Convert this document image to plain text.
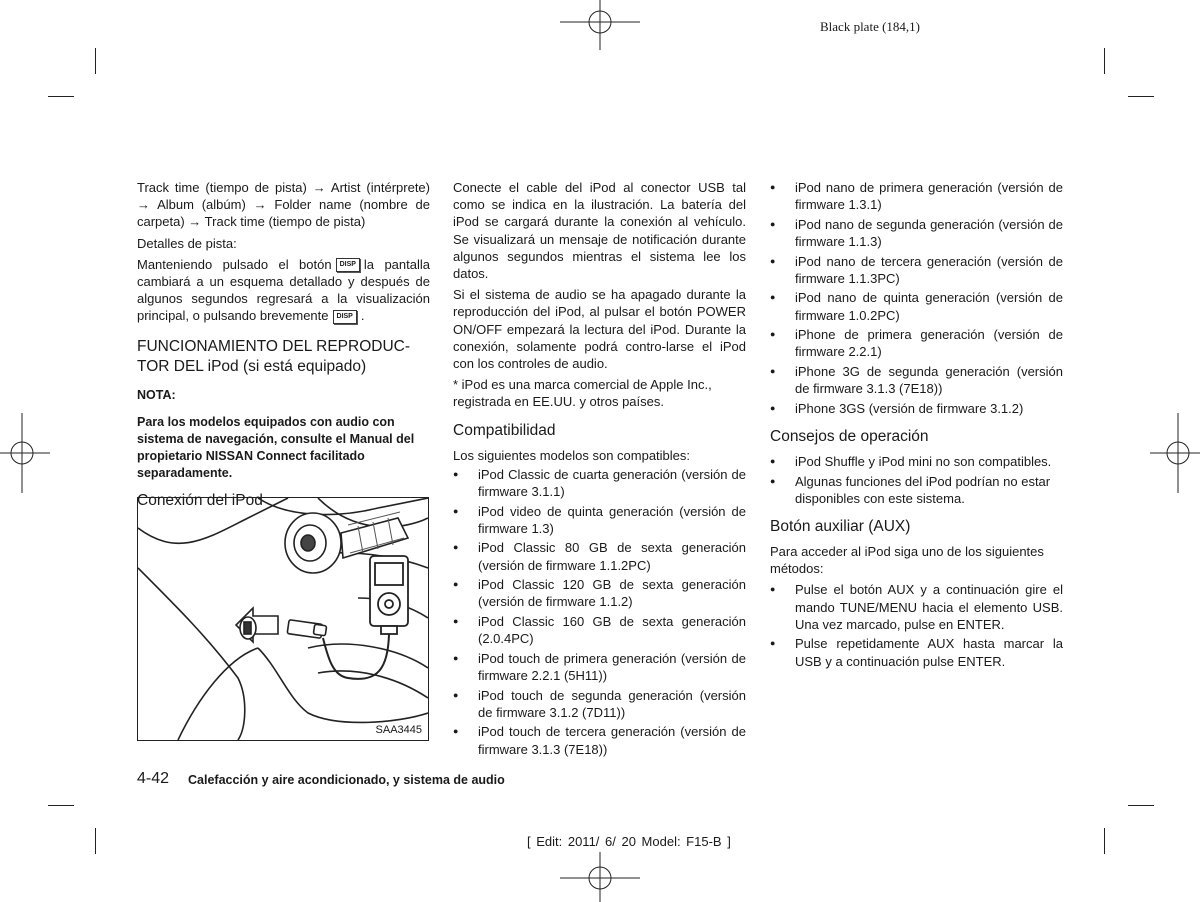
Black plate (184,1)

Track time (tiempo de pista) → Artist (intérprete) → Album (albúm) → Folder name (nombre de carpeta) → Track time (tiempo de pista)

Detalles de pista:

Manteniendo pulsado el botón DISP la pantalla cambiará a un esquema detallado y después de algunos segundos regresará a la visualización principal, o pulsando brevemente DISP .

FUNCIONAMIENTO DEL REPRODUC-TOR DEL iPod (si está equipado)
NOTA:

Para los modelos equipados con audio con sistema de navegación, consulte el Manual del propietario NISSAN Connect facilitado separadamente.

Conexión del iPod
SAA3445

Conecte el cable del iPod al conector USB tal como se indica en la ilustración. La batería del iPod se cargará durante la conexión al vehículo. Se visualizará un mensaje de notificación durante algunos segundos mientras el sistema lee los datos.

Si el sistema de audio se ha apagado durante la reproducción del iPod, al pulsar el botón POWER ON/OFF empezará la lectura del iPod. Durante la conexión, solamente podrá contro-larse el iPod con los controles de audio.

* iPod es una marca comercial de Apple Inc., registrada en EE.UU. y otros países.

Compatibilidad

Los siguientes modelos son compatibles:

● iPod Classic de cuarta generación (versión de firmware 3.1.1)
● iPod video de quinta generación (versión de firmware 1.3)
● iPod Classic 80 GB de sexta generación (versión de firmware 1.1.2PC)
● iPod Classic 120 GB de sexta generación (versión de firmware 1.1.2)
● iPod Classic 160 GB de sexta generación (2.0.4PC)
● iPod touch de primera generación (versión de firmware 2.2.1 (5H11))
● iPod touch de segunda generación (versión de firmware 3.1.2 (7D11))
● iPod touch de tercera generación (versión de firmware 3.1.3 (7E18))
● iPod nano de primera generación (versión de firmware 1.3.1)
● iPod nano de segunda generación (versión de firmware 1.1.3)
● iPod nano de tercera generación (versión de firmware 1.1.3PC)
● iPod nano de quinta generación (versión de firmware 1.0.2PC)
● iPhone de primera generación (versión de firmware 2.2.1)
● iPhone 3G de segunda generación (versión de firmware 3.1.3 (7E18))
● iPhone 3GS (versión de firmware 3.1.2)
Consejos de operación
● iPod Shuffle y iPod mini no son compatibles.
● Algunas funciones del iPod podrían no estar disponibles con este sistema.
Botón auxiliar (AUX)

Para acceder al iPod siga uno de los siguientes métodos:

● Pulse el botón AUX y a continuación gire el mando TUNE/MENU hacia el elemento USB. Una vez marcado, pulse en ENTER.
● Pulse repetidamente AUX hasta marcar la USB y a continuación pulse ENTER.
4-42 Calefacción y aire acondicionado, y sistema de audio
[ Edit: 2011/ 6/ 20 Model: F15-B ]
